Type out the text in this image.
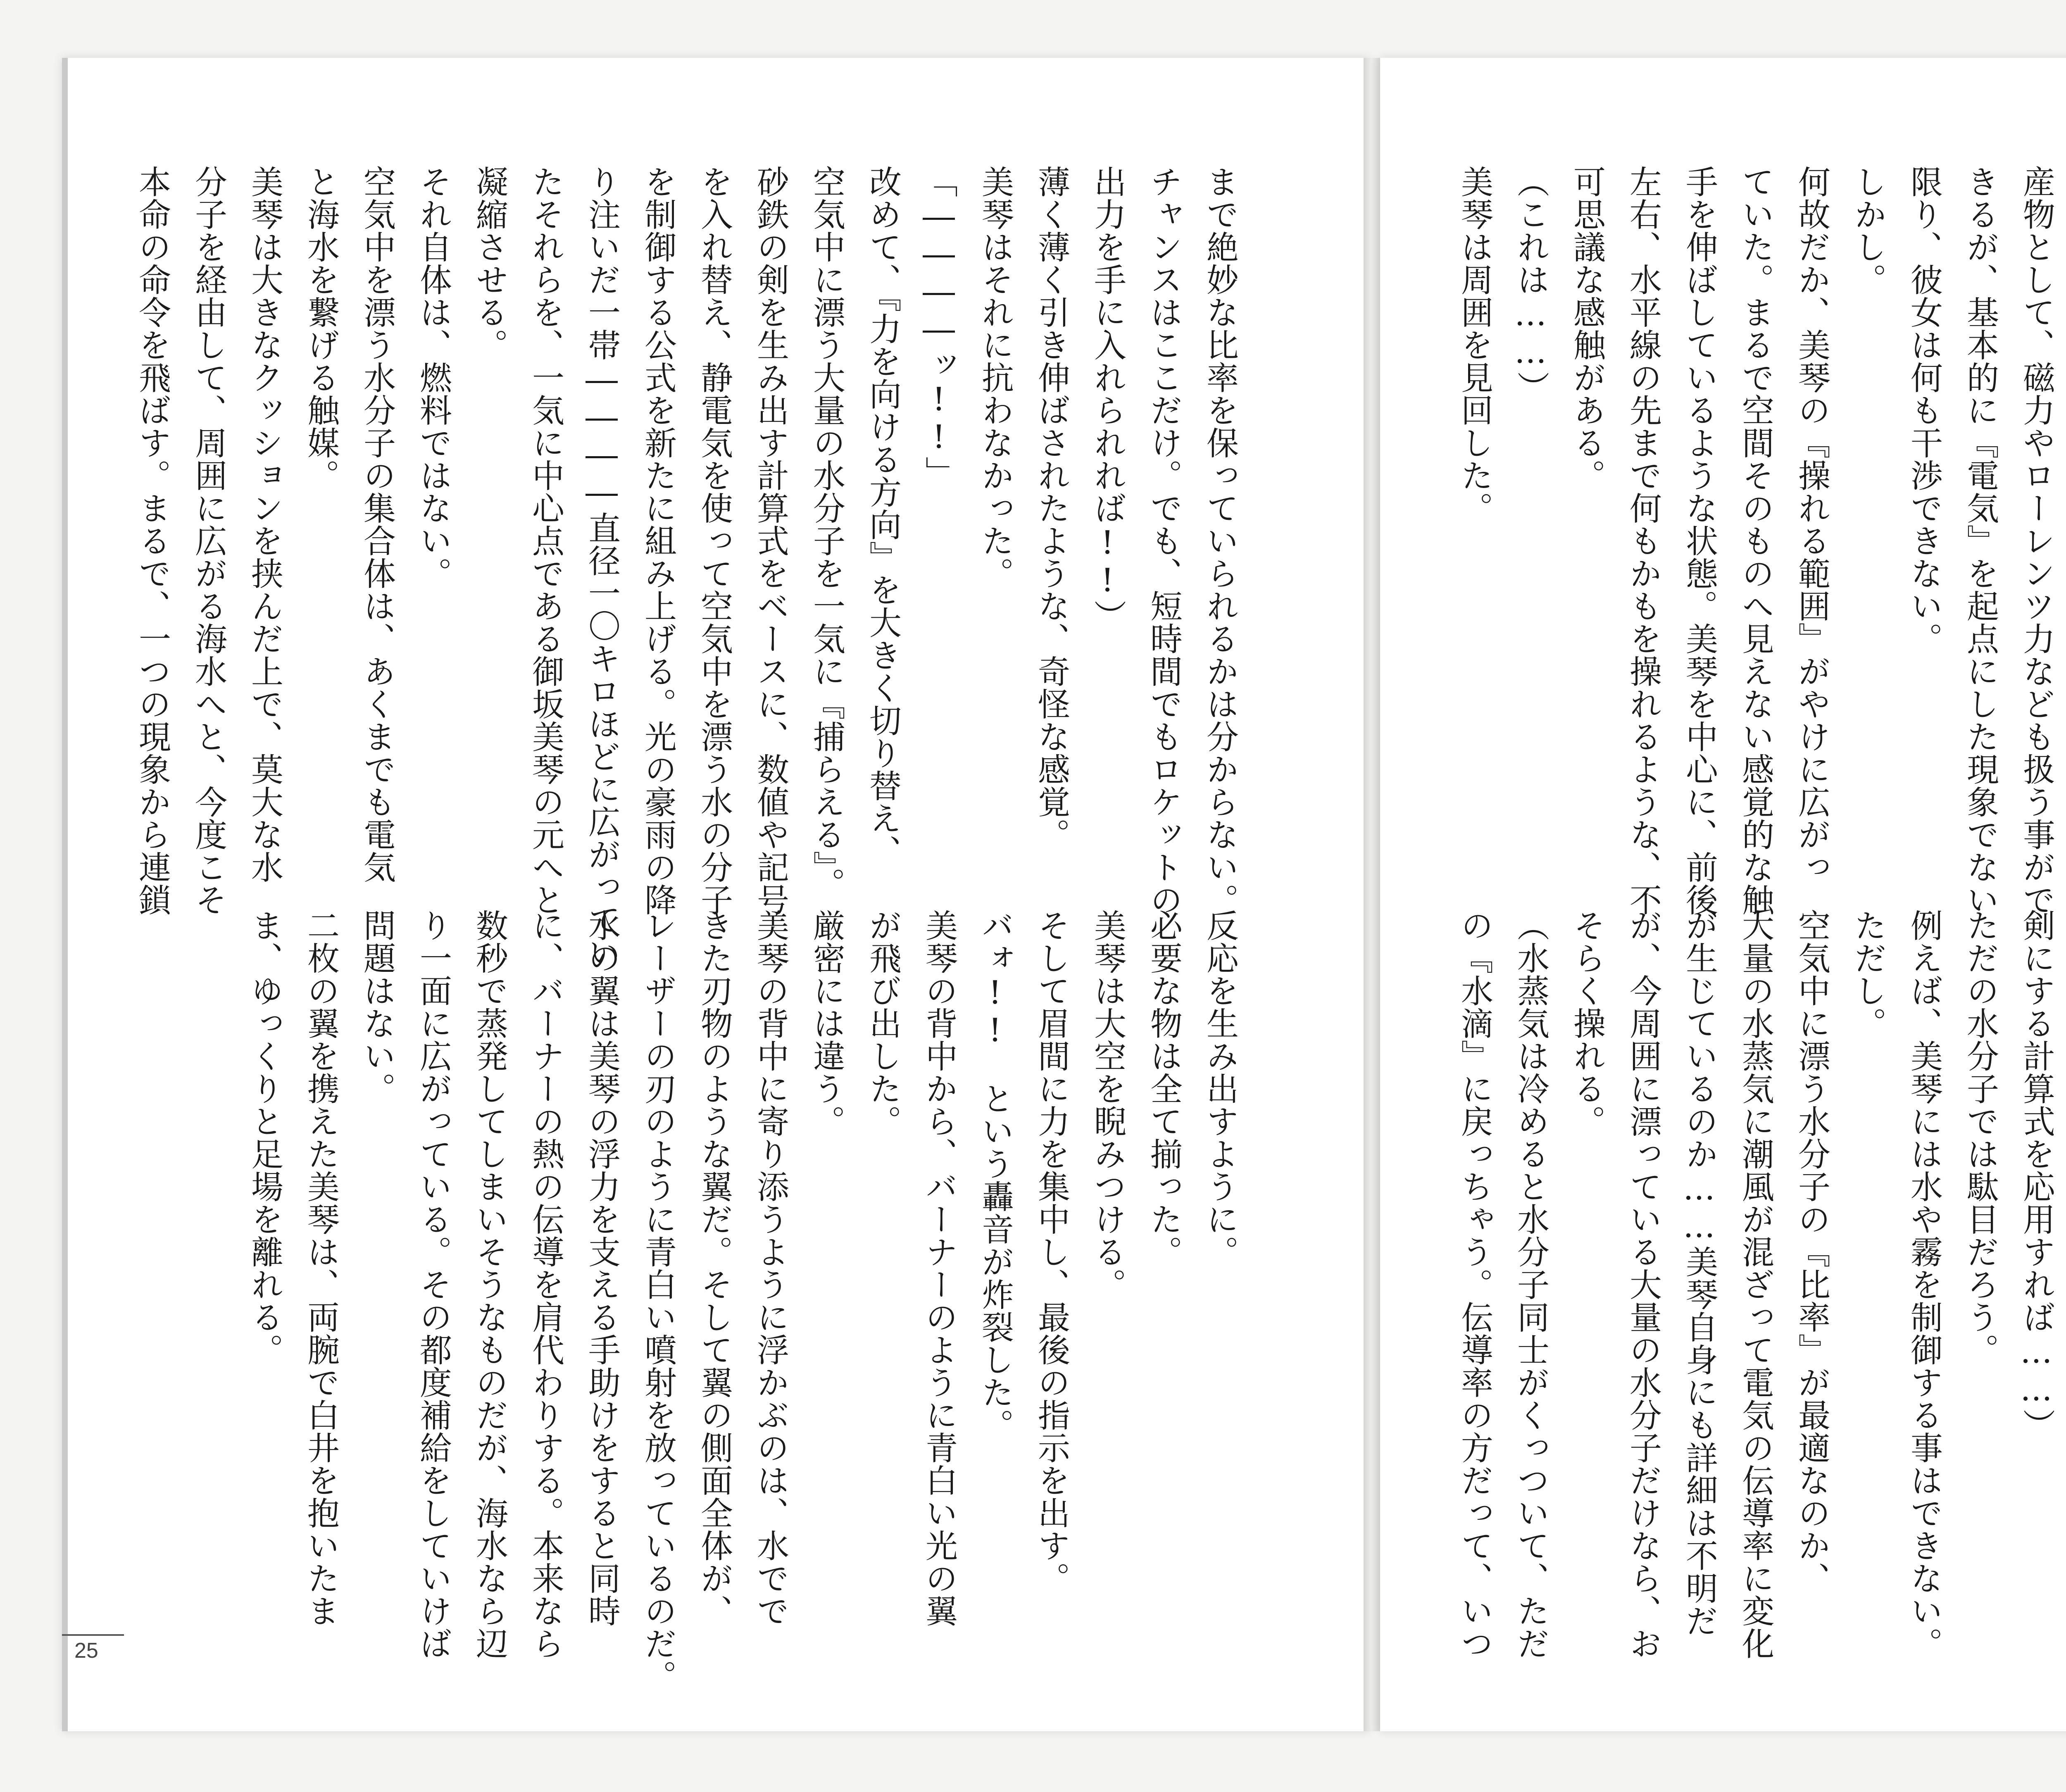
産物として、磁力やローレンツ力なども扱う事がで

きるが、基本的に『電気』を起点にした現象でない

限り、彼女は何も干渉できない。

しかし。

何故だか、美琴の『操れる範囲』がやけに広がっ

ていた。まるで空間そのものへ見えない感覚的な触

手を伸ばしているような状態。美琴を中心に、前後

左右、水平線の先まで何もかもを操れるような、不

可思議な感触がある。

（これは……）

美琴は周囲を見回した。

剣にする計算式を応用すれば……）

ただの水分子では駄目だろう。

例えば、美琴には水や霧を制御する事はできない。

ただし。

空気中に漂う水分子の『比率』が最適なのか、

大量の水蒸気に潮風が混ざって電気の伝導率に変化

が生じているのか……美琴自身にも詳細は不明だ

が、今周囲に漂っている大量の水分子だけなら、お

そらく操れる。

（水蒸気は冷めると水分子同士がくっついて、ただ

の『水滴』に戻っちゃう。伝導率の方だって、いつ

まで絶妙な比率を保っていられるかは分からない。

チャンスはここだけ。でも、短時間でもロケットの

出力を手に入れられれば!!）

薄く薄く引き伸ばされたような、奇怪な感覚。

美琴はそれに抗わなかった。

「――――ッ!!」

改めて、『力を向ける方向』を大きく切り替え、

空気中に漂う大量の水分子を一気に『捕らえる』。

砂鉄の剣を生み出す計算式をベースに、数値や記号

を入れ替え、静電気を使って空気中を漂う水の分子

を制御する公式を新たに組み上げる。光の豪雨の降

り注いだ一帯――――直径一〇キロほどに広がってい

たそれらを、一気に中心点である御坂美琴の元へと

凝縮させる。

それ自体は、燃料ではない。

空気中を漂う水分子の集合体は、あくまでも電気

と海水を繋げる触媒。

美琴は大きなクッションを挟んだ上で、莫大な水

分子を経由して、周囲に広がる海水へと、今度こそ

本命の命令を飛ばす。まるで、一つの現象から連鎖

反応を生み出すように。

必要な物は全て揃った。

美琴は大空を睨みつける。

そして眉間に力を集中し、最後の指示を出す。

バォ!!　という轟音が炸裂した。

美琴の背中から、バーナーのように青白い光の翼

が飛び出した。

厳密には違う。

美琴の背中に寄り添うように浮かぶのは、水でで

きた刃物のような翼だ。そして翼の側面全体が、

レーザーの刃のように青白い噴射を放っているのだ。

水の翼は美琴の浮力を支える手助けをすると同時

に、バーナーの熱の伝導を肩代わりする。本来なら

数秒で蒸発してしまいそうなものだが、海水なら辺

り一面に広がっている。その都度補給をしていけば

問題はない。

二枚の翼を携えた美琴は、両腕で白井を抱いたま

ま、ゆっくりと足場を離れる。

25
